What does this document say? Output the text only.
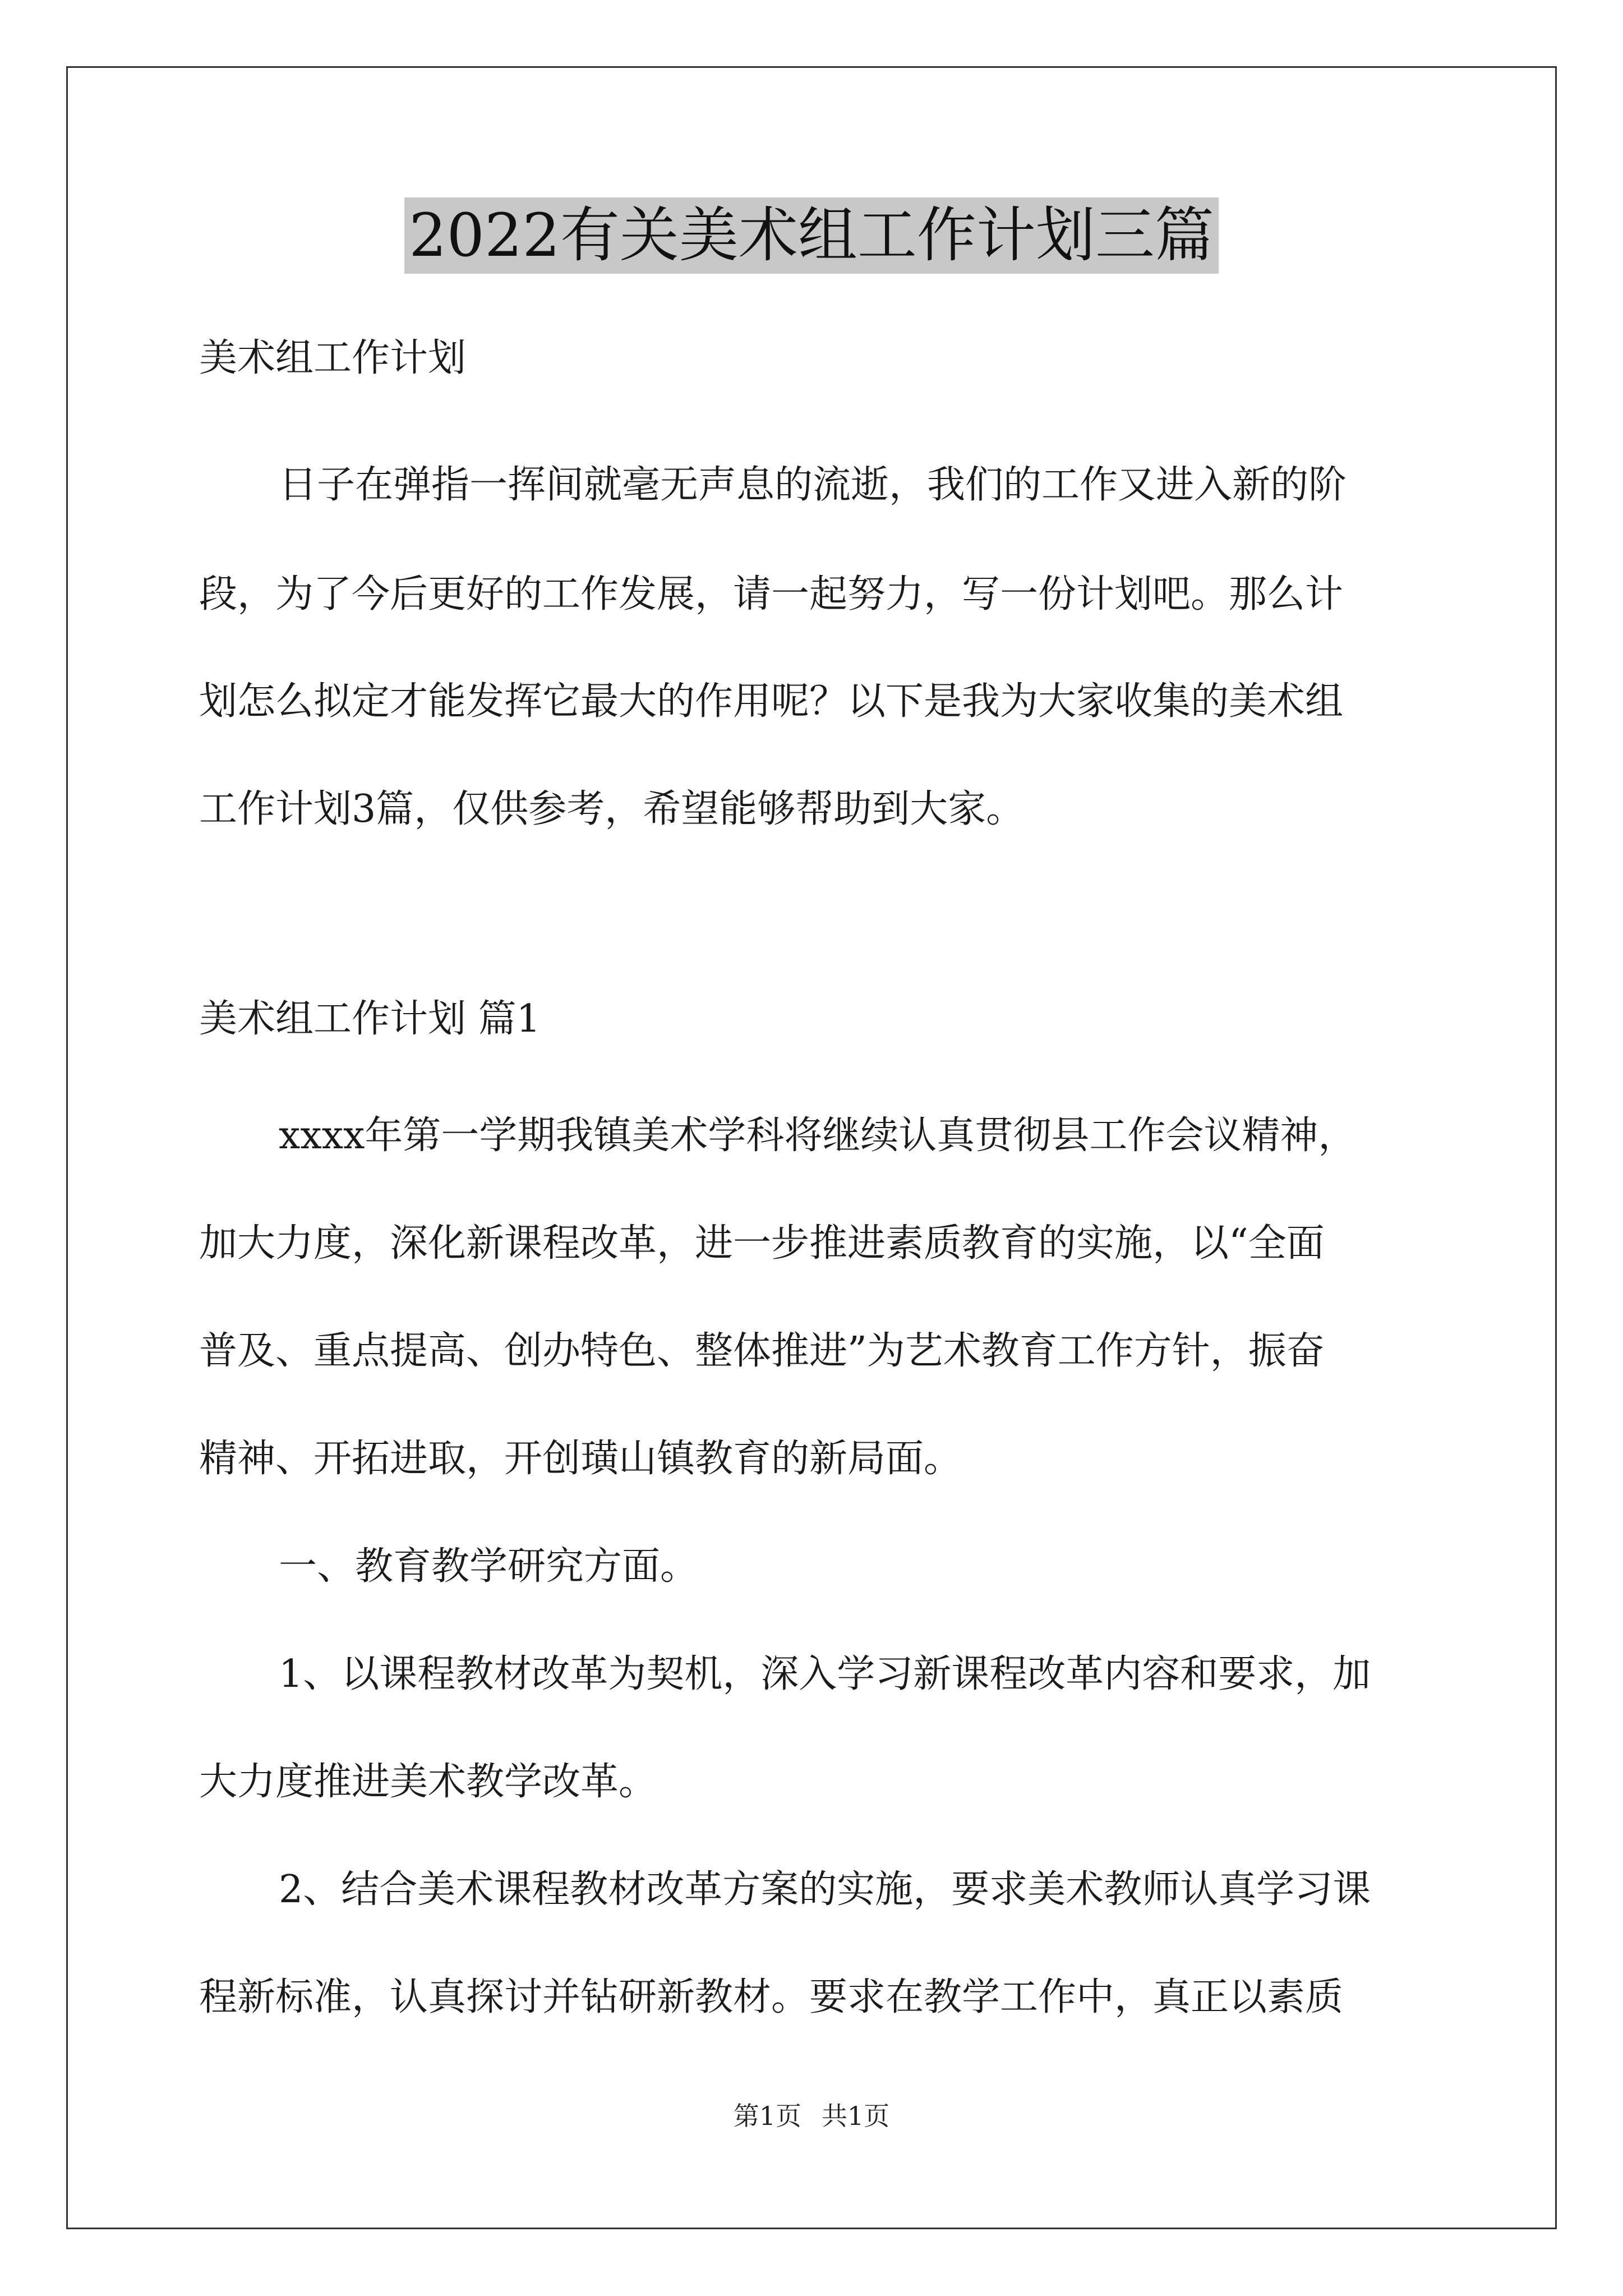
2022有关美术组工作计划三篇

美术组工作计划

日子在弹指一挥间就毫无声息的流逝，我们的工作又进入新的阶

段，为了今后更好的工作发展，请一起努力，写一份计划吧。那么计

划怎么拟定才能发挥它最大的作用呢？以下是我为大家收集的美术组

工作计划3篇，仅供参考，希望能够帮助到大家。

美术组工作计划 篇1

xxxx年第一学期我镇美术学科将继续认真贯彻县工作会议精神，

加大力度，深化新课程改革，进一步推进素质教育的实施，以“全面

普及、重点提高、创办特色、整体推进”为艺术教育工作方针，振奋

精神、开拓进取，开创璜山镇教育的新局面。

一、教育教学研究方面。

1、以课程教材改革为契机，深入学习新课程改革内容和要求，加

大力度推进美术教学改革。

2、结合美术课程教材改革方案的实施，要求美术教师认真学习课

程新标准，认真探讨并钻研新教材。要求在教学工作中，真正以素质

第1页 共1页
